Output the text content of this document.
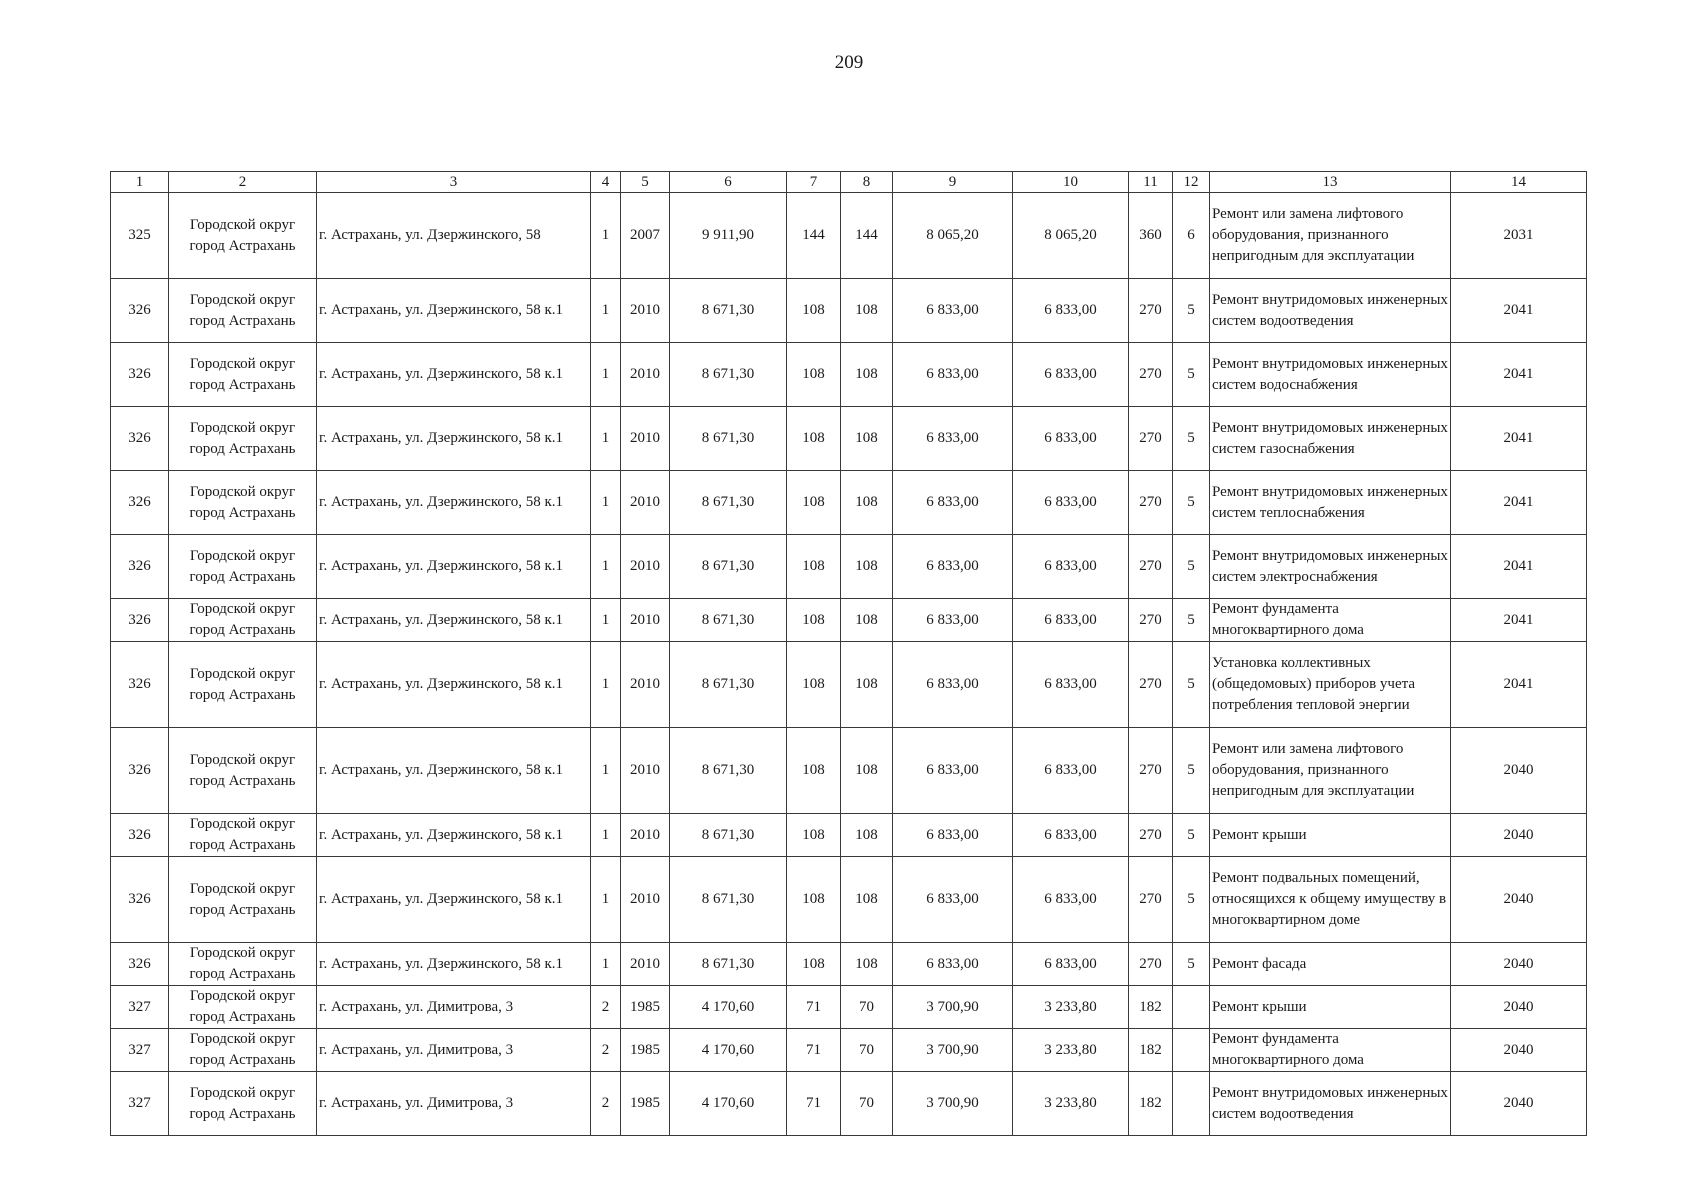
209
1	2	3	4	5	6	7	8	9	10	11	12	13	14
325	Городской округ город Астрахань	г. Астрахань, ул. Дзержинского, 58	1	2007	9 911,90	144	144	8 065,20	8 065,20	360	6	Ремонт или замена лифтового оборудования, признанного непригодным для эксплуатации	2031
326	Городской округ город Астрахань	г. Астрахань, ул. Дзержинского, 58 к.1	1	2010	8 671,30	108	108	6 833,00	6 833,00	270	5	Ремонт внутридомовых инженерных систем водоотведения	2041
326	Городской округ город Астрахань	г. Астрахань, ул. Дзержинского, 58 к.1	1	2010	8 671,30	108	108	6 833,00	6 833,00	270	5	Ремонт внутридомовых инженерных систем водоснабжения	2041
326	Городской округ город Астрахань	г. Астрахань, ул. Дзержинского, 58 к.1	1	2010	8 671,30	108	108	6 833,00	6 833,00	270	5	Ремонт внутридомовых инженерных систем газоснабжения	2041
326	Городской округ город Астрахань	г. Астрахань, ул. Дзержинского, 58 к.1	1	2010	8 671,30	108	108	6 833,00	6 833,00	270	5	Ремонт внутридомовых инженерных систем теплоснабжения	2041
326	Городской округ город Астрахань	г. Астрахань, ул. Дзержинского, 58 к.1	1	2010	8 671,30	108	108	6 833,00	6 833,00	270	5	Ремонт внутридомовых инженерных систем электроснабжения	2041
326	Городской округ город Астрахань	г. Астрахань, ул. Дзержинского, 58 к.1	1	2010	8 671,30	108	108	6 833,00	6 833,00	270	5	Ремонт фундамента многоквартирного дома	2041
326	Городской округ город Астрахань	г. Астрахань, ул. Дзержинского, 58 к.1	1	2010	8 671,30	108	108	6 833,00	6 833,00	270	5	Установка коллективных (общедомовых) приборов учета потребления тепловой энергии	2041
326	Городской округ город Астрахань	г. Астрахань, ул. Дзержинского, 58 к.1	1	2010	8 671,30	108	108	6 833,00	6 833,00	270	5	Ремонт или замена лифтового оборудования, признанного непригодным для эксплуатации	2040
326	Городской округ город Астрахань	г. Астрахань, ул. Дзержинского, 58 к.1	1	2010	8 671,30	108	108	6 833,00	6 833,00	270	5	Ремонт крыши	2040
326	Городской округ город Астрахань	г. Астрахань, ул. Дзержинского, 58 к.1	1	2010	8 671,30	108	108	6 833,00	6 833,00	270	5	Ремонт подвальных помещений, относящихся к общему имуществу в многоквартирном доме	2040
326	Городской округ город Астрахань	г. Астрахань, ул. Дзержинского, 58 к.1	1	2010	8 671,30	108	108	6 833,00	6 833,00	270	5	Ремонт фасада	2040
327	Городской округ город Астрахань	г. Астрахань, ул. Димитрова, 3	2	1985	4 170,60	71	70	3 700,90	3 233,80	182		Ремонт крыши	2040
327	Городской округ город Астрахань	г. Астрахань, ул. Димитрова, 3	2	1985	4 170,60	71	70	3 700,90	3 233,80	182		Ремонт фундамента многоквартирного дома	2040
327	Городской округ город Астрахань	г. Астрахань, ул. Димитрова, 3	2	1985	4 170,60	71	70	3 700,90	3 233,80	182		Ремонт внутридомовых инженерных систем водоотведения	2040
